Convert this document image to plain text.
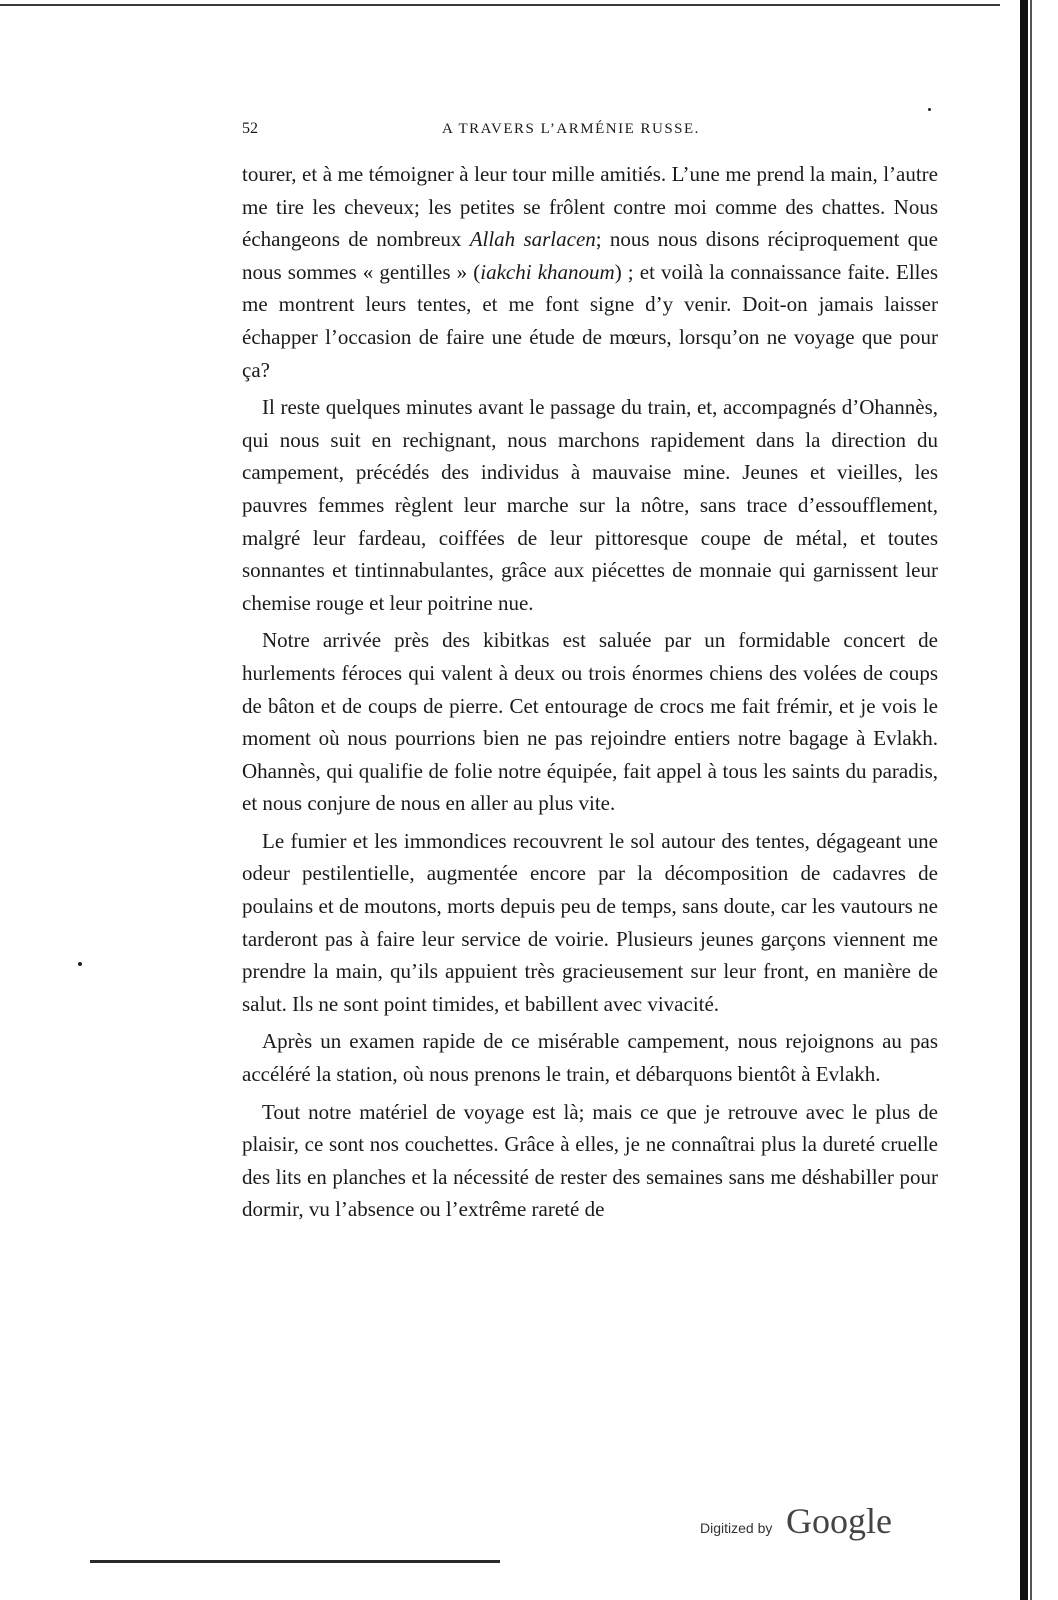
52	A TRAVERS L’ARMÉNIE RUSSE.

tourer, et à me témoigner à leur tour mille amitiés. L’une me prend la main, l’autre me tire les cheveux; les petites se frôlent contre moi comme des chattes. Nous échangeons de nombreux Allah sarlacen; nous nous disons réciproquement que nous sommes « gentilles » (iakchi khanoum) ; et voilà la connaissance faite. Elles me montrent leurs tentes, et me font signe d’y venir. Doit-on jamais laisser échapper l’occasion de faire une étude de mœurs, lorsqu’on ne voyage que pour ça?

Il reste quelques minutes avant le passage du train, et, accompagnés d’Ohannès, qui nous suit en rechignant, nous marchons rapidement dans la direction du campement, précédés des individus à mauvaise mine. Jeunes et vieilles, les pauvres femmes règlent leur marche sur la nôtre, sans trace d’essoufflement, malgré leur fardeau, coiffées de leur pittoresque coupe de métal, et toutes sonnantes et tintinnabulantes, grâce aux piécettes de monnaie qui garnissent leur chemise rouge et leur poitrine nue.

Notre arrivée près des kibitkas est saluée par un formidable concert de hurlements féroces qui valent à deux ou trois énormes chiens des volées de coups de bâton et de coups de pierre. Cet entourage de crocs me fait frémir, et je vois le moment où nous pourrions bien ne pas rejoindre entiers notre bagage à Evlakh. Ohannès, qui qualifie de folie notre équipée, fait appel à tous les saints du paradis, et nous conjure de nous en aller au plus vite.

Le fumier et les immondices recouvrent le sol autour des tentes, dégageant une odeur pestilentielle, augmentée encore par la décomposition de cadavres de poulains et de moutons, morts depuis peu de temps, sans doute, car les vautours ne tarderont pas à faire leur service de voirie. Plusieurs jeunes garçons viennent me prendre la main, qu’ils appuient très gracieusement sur leur front, en manière de salut. Ils ne sont point timides, et babillent avec vivacité.

Après un examen rapide de ce misérable campement, nous rejoignons au pas accéléré la station, où nous prenons le train, et débarquons bientôt à Evlakh.

Tout notre matériel de voyage est là; mais ce que je retrouve avec le plus de plaisir, ce sont nos couchettes. Grâce à elles, je ne connaîtrai plus la dureté cruelle des lits en planches et la nécessité de rester des semaines sans me déshabiller pour dormir, vu l’absence ou l’extrême rareté de

Digitized by Google
